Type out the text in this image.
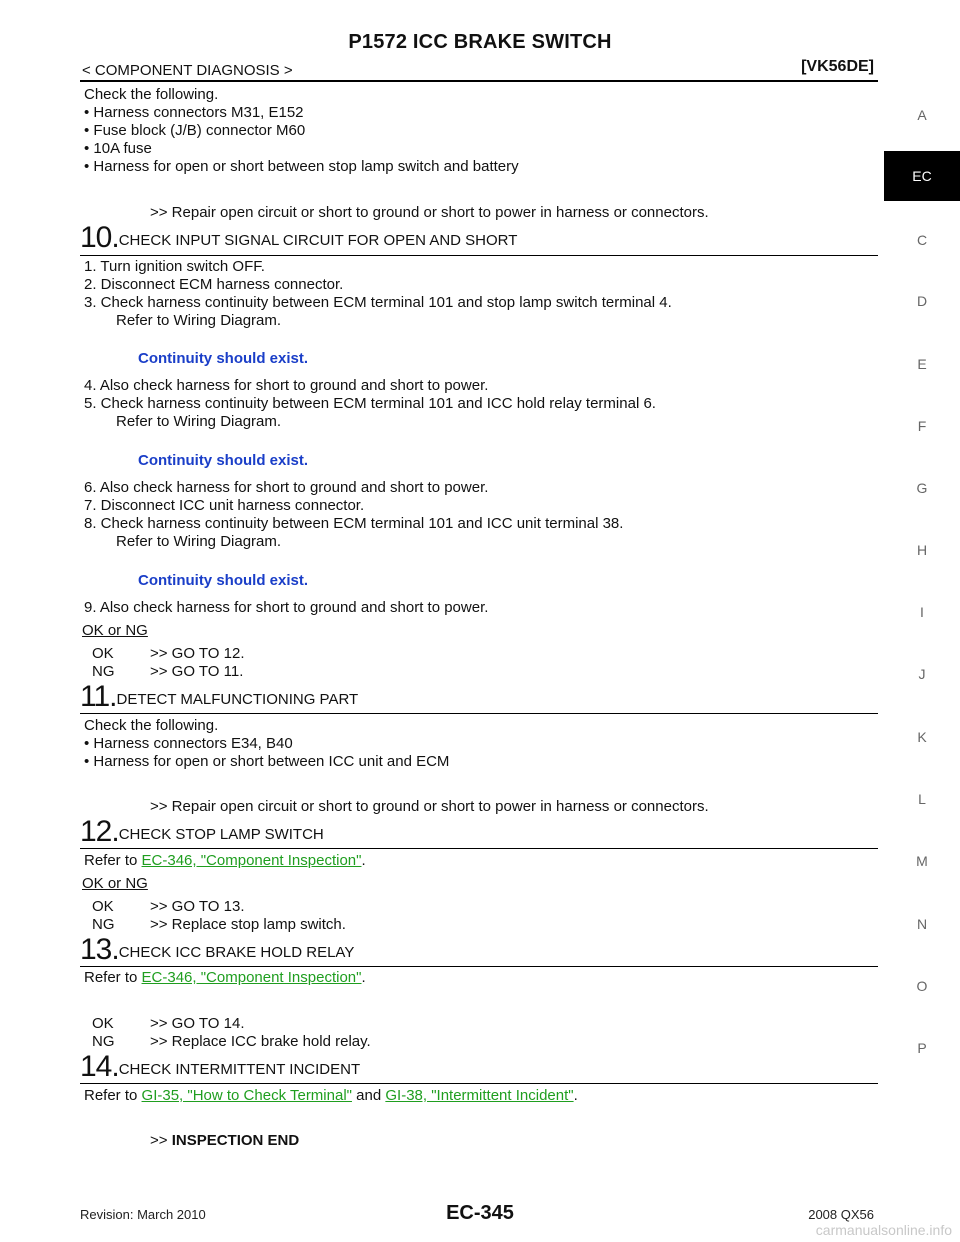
P1572 ICC BRAKE SWITCH
< COMPONENT DIAGNOSIS >	[VK56DE]
Check the following.
• Harness connectors M31, E152
• Fuse block (J/B) connector M60
• 10A fuse
• Harness for open or short between stop lamp switch and battery
>> Repair open circuit or short to ground or short to power in harness or connectors.
10.CHECK INPUT SIGNAL CIRCUIT FOR OPEN AND SHORT
1. Turn ignition switch OFF.
2. Disconnect ECM harness connector.
3. Check harness continuity between ECM terminal 101 and stop lamp switch terminal 4.
Refer to Wiring Diagram.
Continuity should exist.
4. Also check harness for short to ground and short to power.
5. Check harness continuity between ECM terminal 101 and ICC hold relay terminal 6.
Refer to Wiring Diagram.
Continuity should exist.
6. Also check harness for short to ground and short to power.
7. Disconnect ICC unit harness connector.
8. Check harness continuity between ECM terminal 101 and ICC unit terminal 38.
Refer to Wiring Diagram.
Continuity should exist.
9. Also check harness for short to ground and short to power.
OK or NG
OK >> GO TO 12.
NG >> GO TO 11.
11.DETECT MALFUNCTIONING PART
Check the following.
• Harness connectors E34, B40
• Harness for open or short between ICC unit and ECM
>> Repair open circuit or short to ground or short to power in harness or connectors.
12.CHECK STOP LAMP SWITCH
Refer to EC-346, "Component Inspection".
OK or NG
OK >> GO TO 13.
NG >> Replace stop lamp switch.
13.CHECK ICC BRAKE HOLD RELAY
Refer to EC-346, "Component Inspection".
OK >> GO TO 14.
NG >> Replace ICC brake hold relay.
14.CHECK INTERMITTENT INCIDENT
Refer to GI-35, "How to Check Terminal" and GI-38, "Intermittent Incident".
>> INSPECTION END
A
EC
C
D
E
F
G
H
I
J
K
L
M
N
O
P
Revision: March 2010	EC-345	2008 QX56
carmanualsonline.info
